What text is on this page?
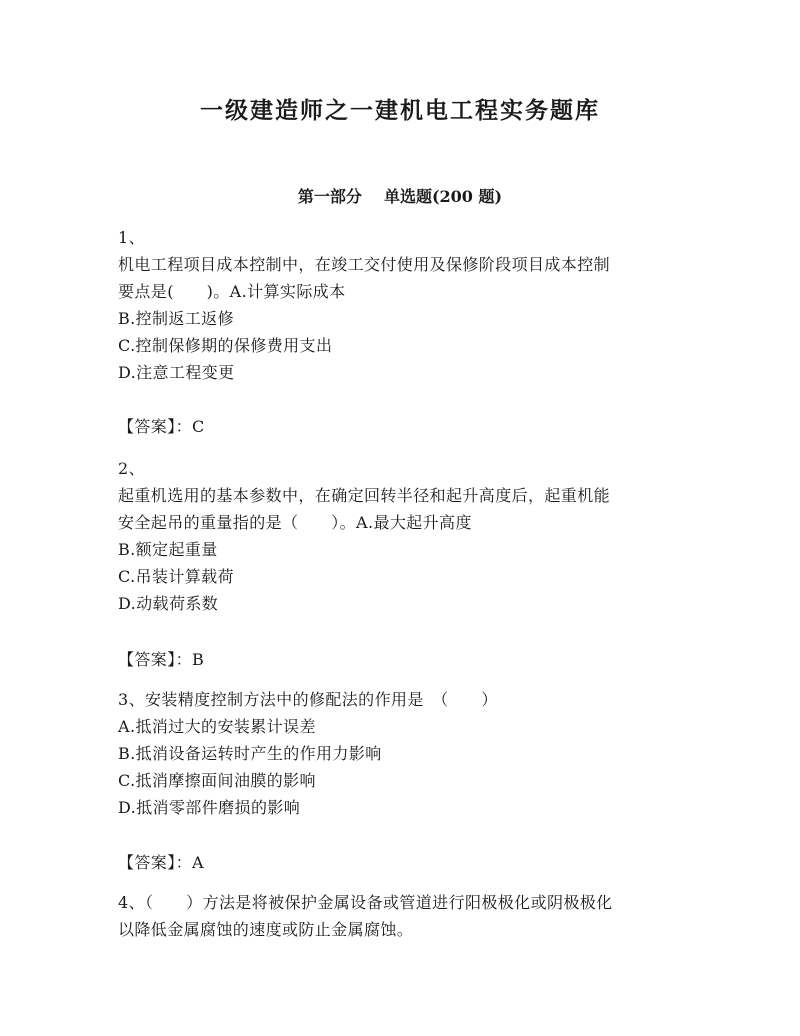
一级建造师之一建机电工程实务题库
第一部分 单选题(200 题)
1、
机电工程项目成本控制中，在竣工交付使用及保修阶段项目成本控制
要点是(　　)。A.计算实际成本
B.控制返工返修
C.控制保修期的保修费用支出
D.注意工程变更
【答案】：C
2、
起重机选用的基本参数中，在确定回转半径和起升高度后，起重机能
安全起吊的重量指的是（　　）。A.最大起升高度
B.额定起重量
C.吊装计算载荷
D.动载荷系数
【答案】：B
3、安装精度控制方法中的修配法的作用是　（　　）
A.抵消过大的安装累计误差
B.抵消设备运转时产生的作用力影响
C.抵消摩擦面间油膜的影响
D.抵消零部件磨损的影响
【答案】：A
4、（　　）方法是将被保护金属设备或管道进行阳极极化或阴极极化
以降低金属腐蚀的速度或防止金属腐蚀。
